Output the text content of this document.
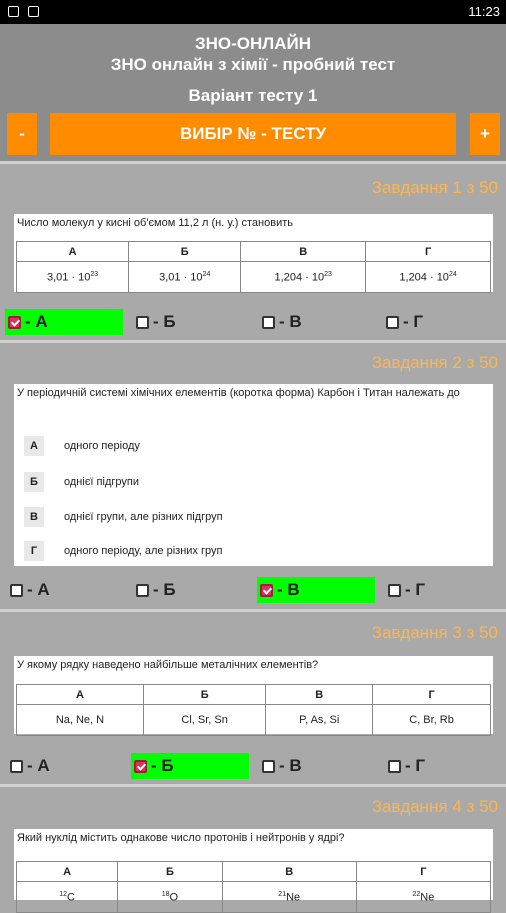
11:23
ЗНО-ОНЛАЙН
ЗНО онлайн з хімії - пробний тест
Варіант тесту 1
-	ВИБІР № - ТЕСТУ	+
Завдання 1 з 50
Число молекул у кисні об'ємом 11,2 л (н. у.) становить
А	Б	В	Г
$3,01 \cdot 10^{23}$	$3,01 \cdot 10^{24}$	$1,204 \cdot 10^{23}$	$1,204 \cdot 10^{24}$
- А	- Б	- В	- Г
Завдання 2 з 50
У періодичній системі хімічних елементів (коротка форма) Карбон і Титан належать до
А	одного періоду
Б	однієї підгрупи
В	однієї групи, але різних підгруп
Г	одного періоду, але різних груп
- А	- Б	- В	- Г
Завдання 3 з 50
У якому рядку наведено найбільше металічних елементів?
А	Б	В	Г
Na, Ne, N	Cl, Sr, Sn	P, As, Si	C, Br, Rb
- А	- Б	- В	- Г
Завдання 4 з 50
Який нуклід містить однакове число протонів і нейтронів у ядрі?
А	Б	В	Г
$^{12}$C	$^{18}$O	$^{21}$Ne	$^{22}$Ne
